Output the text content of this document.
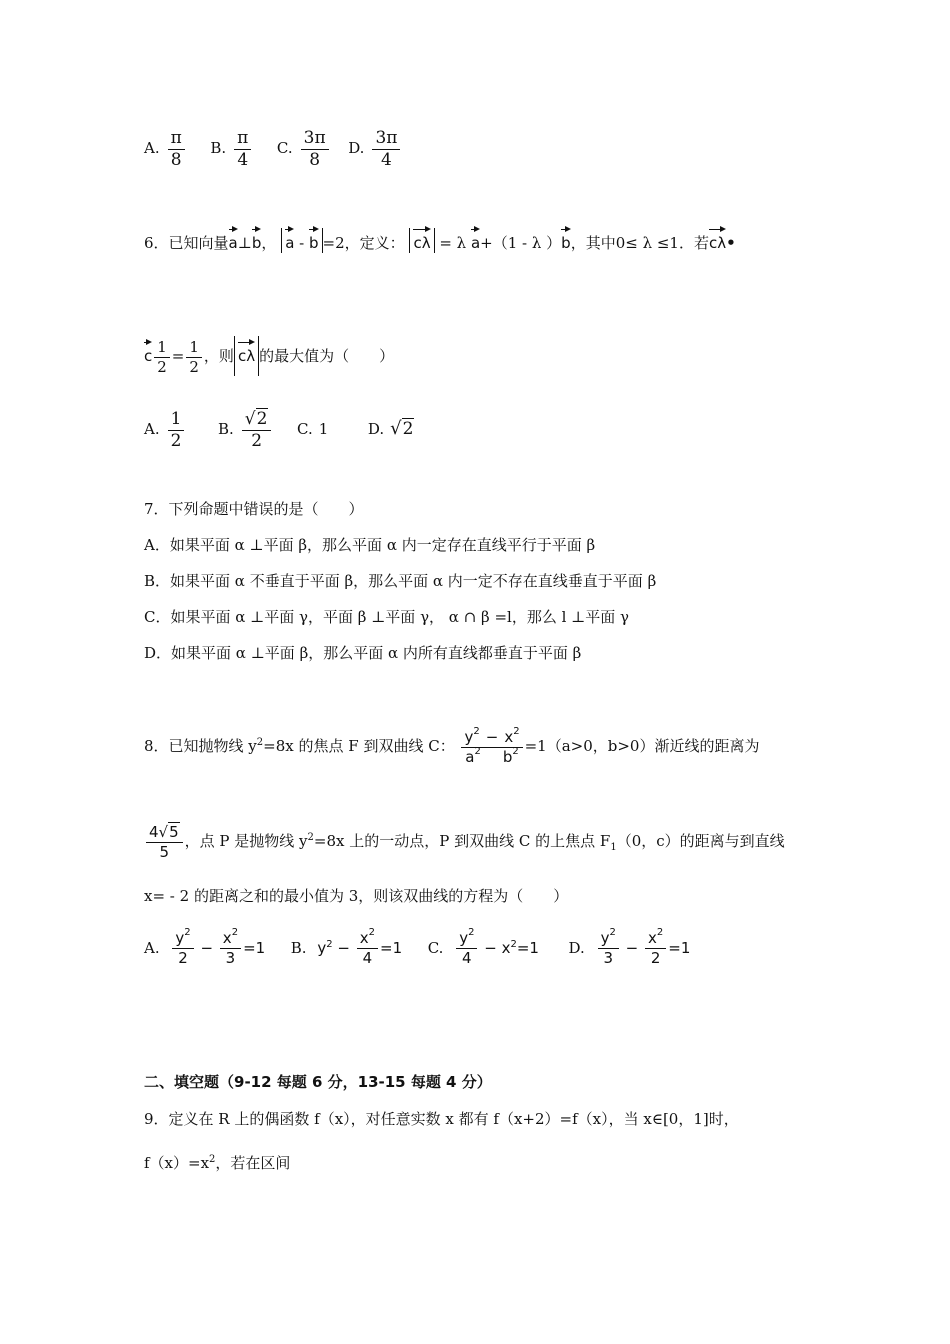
A. $\frac{\pi}{8} B$. $\frac{\pi}{4} C$. $\frac{3\pi}{8} D$. $\frac{3\pi}{4}$
6．已知向量a⊥b， a - b =2，定义： cλ = λ a+（1 - λ ）b，其中0≤ λ ≤1．若cλ•
c $\frac{1}{2} = \frac{1}{2}$ ，则 cλ 的最大值为（　　）
A. $\frac{1}{2} B$. $\frac{√2}{2} C$. 1	D. √2
7．下列命题中错误的是（　　）
A．如果平面 α ⊥平面 β，那么平面 α 内一定存在直线平行于平面 β
B．如果平面 α 不垂直于平面 β，那么平面 α 内一定不存在直线垂直于平面 β
C．如果平面 α ⊥平面 γ，平面 β ⊥平面 γ， α ∩ β =l，那么 l ⊥平面 γ
D．如果平面 α ⊥平面 β，那么平面 α 内所有直线都垂直于平面 β
8．已知抛物线 $y^2=8x$ 的焦点 F 到双曲线 C： $\frac{y^2 - x^2}{a^2 b^2} =1(a>0$，b>0）渐近线的距离为
$\frac{4√5}{5}$ ，点 P 是抛物线 $y^2=8x$ 上的一动点，P 到双曲线 C 的上焦点 $F_1(0$，c）的距离与到直线
x= - 2 的距离之和的最小值为 3，则该双曲线的方程为（　　）
A. $\frac{y^2}{2} - \frac{x^2}{3} =1$ B. $y^2 - \frac{x^2}{4} =1$ C. $\frac{y^2}{4} - x^2=1$ D. $\frac{y^2}{3} - \frac{x^2}{2} =1$
二、填空题（9-12 每题 6 分，13-15 每题 4 分）
9．定义在 R 上的偶函数 f（x），对任意实数 x 都有 f（x+2）=f（x），当 x∈[0，1]时，
$f(x)=x^2$，若在区间
